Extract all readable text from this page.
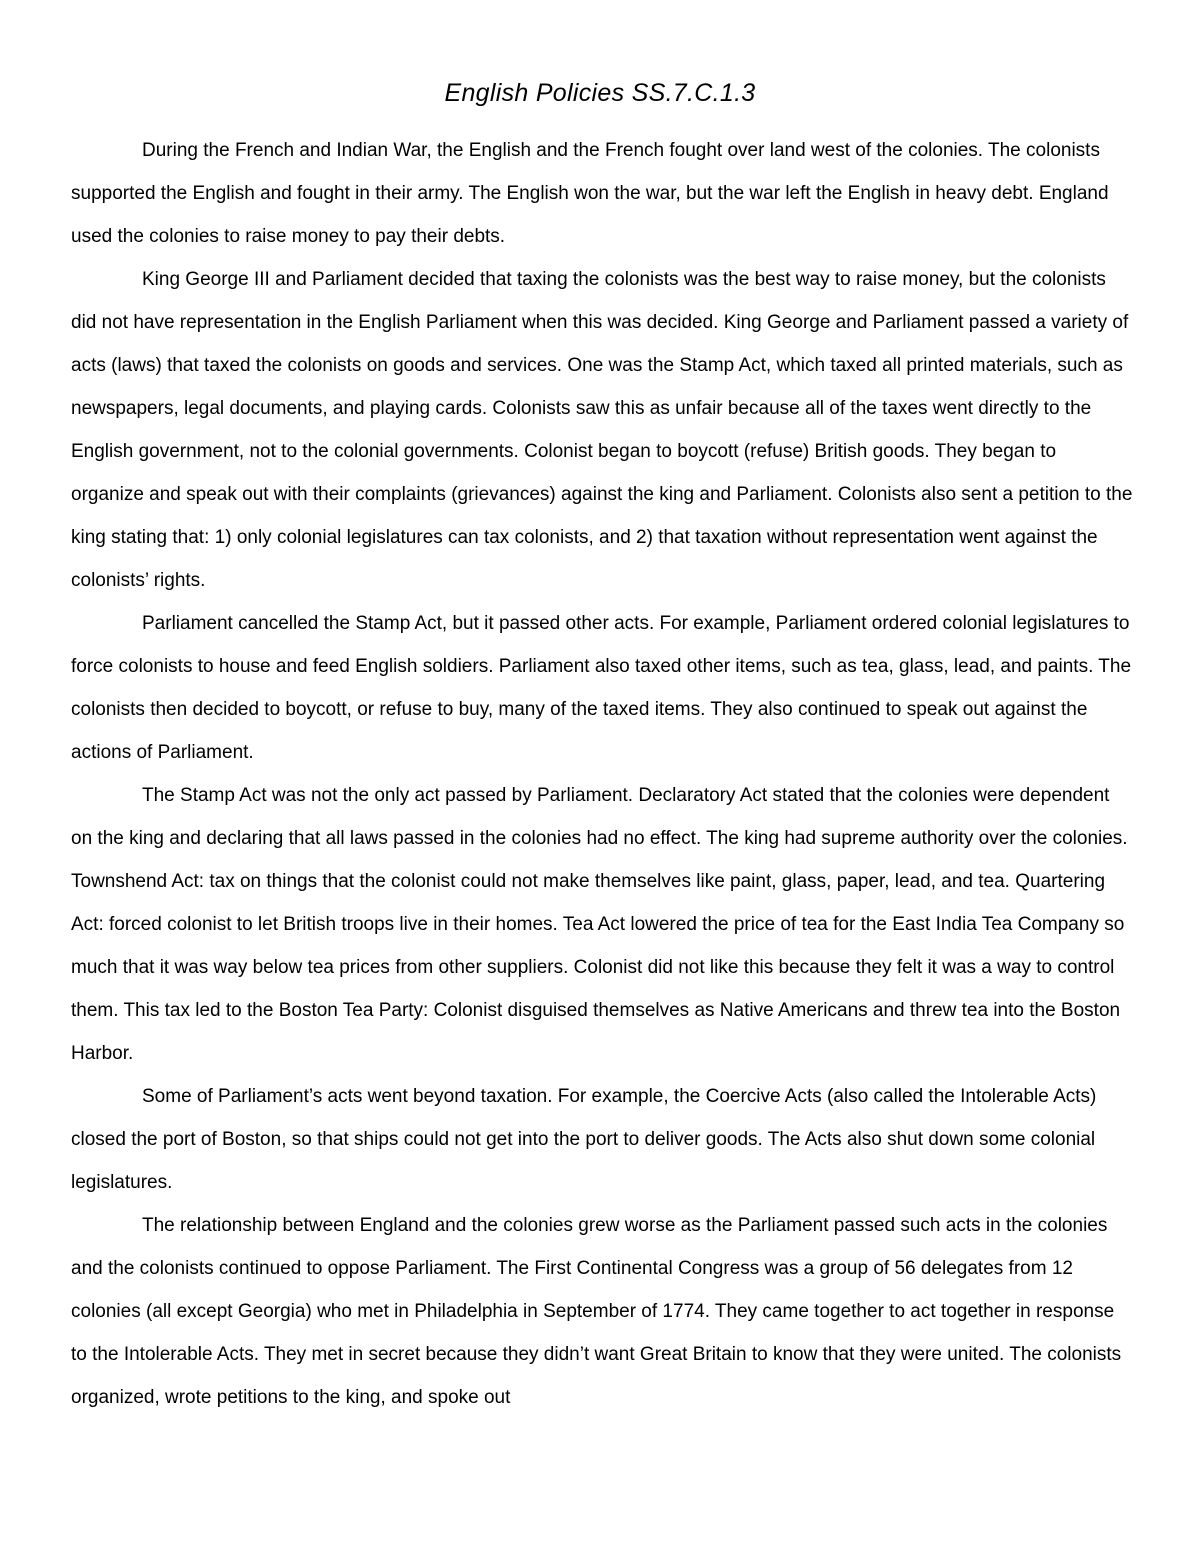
English Policies SS.7.C.1.3

During the French and Indian War, the English and the French fought over land west of the colonies. The colonists supported the English and fought in their army. The English won the war, but the war left the English in heavy debt. England used the colonies to raise money to pay their debts.

King George III and Parliament decided that taxing the colonists was the best way to raise money, but the colonists did not have representation in the English Parliament when this was decided. King George and Parliament passed a variety of acts (laws) that taxed the colonists on goods and services. One was the Stamp Act, which taxed all printed materials, such as newspapers, legal documents, and playing cards. Colonists saw this as unfair because all of the taxes went directly to the English government, not to the colonial governments. Colonist began to boycott (refuse) British goods. They began to organize and speak out with their complaints (grievances) against the king and Parliament. Colonists also sent a petition to the king stating that: 1) only colonial legislatures can tax colonists, and 2) that taxation without representation went against the colonists’ rights.

Parliament cancelled the Stamp Act, but it passed other acts. For example, Parliament ordered colonial legislatures to force colonists to house and feed English soldiers. Parliament also taxed other items, such as tea, glass, lead, and paints. The colonists then decided to boycott, or refuse to buy, many of the taxed items. They also continued to speak out against the actions of Parliament.

The Stamp Act was not the only act passed by Parliament. Declaratory Act stated that the colonies were dependent on the king and declaring that all laws passed in the colonies had no effect. The king had supreme authority over the colonies. Townshend Act: tax on things that the colonist could not make themselves like paint, glass, paper, lead, and tea. Quartering Act: forced colonist to let British troops live in their homes. Tea Act lowered the price of tea for the East India Tea Company so much that it was way below tea prices from other suppliers. Colonist did not like this because they felt it was a way to control them. This tax led to the Boston Tea Party: Colonist disguised themselves as Native Americans and threw tea into the Boston Harbor.

Some of Parliament’s acts went beyond taxation. For example, the Coercive Acts (also called the Intolerable Acts) closed the port of Boston, so that ships could not get into the port to deliver goods. The Acts also shut down some colonial legislatures.

The relationship between England and the colonies grew worse as the Parliament passed such acts in the colonies and the colonists continued to oppose Parliament. The First Continental Congress was a group of 56 delegates from 12 colonies (all except Georgia) who met in Philadelphia in September of 1774. They came together to act together in response to the Intolerable Acts. They met in secret because they didn’t want Great Britain to know that they were united. The colonists organized, wrote petitions to the king, and spoke out
